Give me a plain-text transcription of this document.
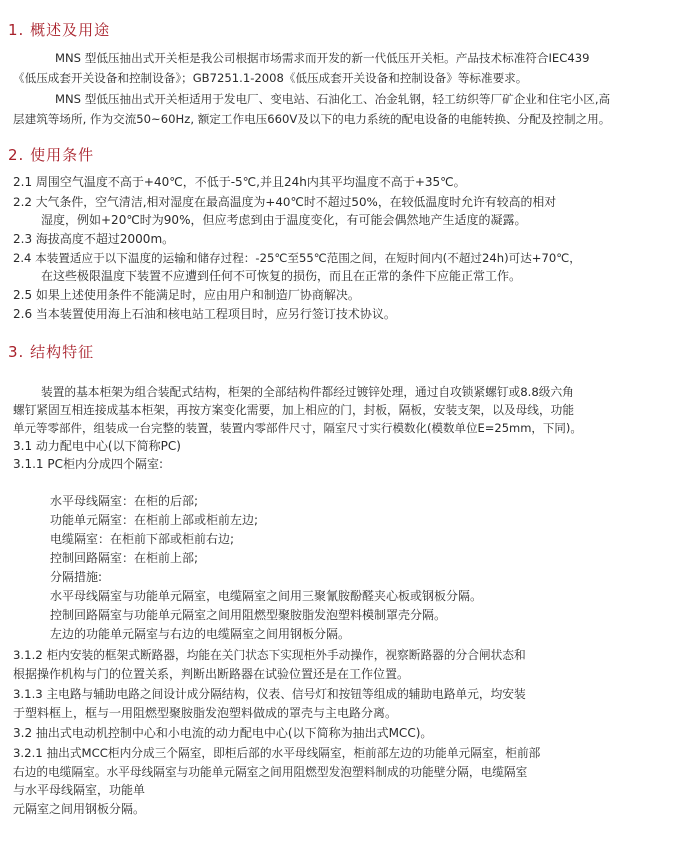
1. 概述及用途
MNS 型低压抽出式开关柜是我公司根据市场需求而开发的新一代低压开关柜。产品技术标准符合IEC439
《低压成套开关设备和控制设备》；GB7251.1-2008《低压成套开关设备和控制设备》等标准要求。
MNS 型低压抽出式开关柜适用于发电厂、变电站、石油化工、冶金轧钢，轻工纺织等厂矿企业和住宅小区,高
层建筑等场所, 作为交流50~60Hz, 额定工作电压660V及以下的电力系统的配电设备的电能转换、分配及控制之用。
2. 使用条件
2.1 周围空气温度不高于+40℃，不低于-5℃,并且24h内其平均温度不高于+35℃。
2.2 大气条件，空气清洁,相对湿度在最高温度为+40℃时不超过50%，在较低温度时允许有较高的相对
湿度，例如+20℃时为90%，但应考虑到由于温度变化，有可能会偶然地产生适度的凝露。
2.3 海拔高度不超过2000m。
2.4 本装置适应于以下温度的运输和储存过程：-25℃至55℃范围之间，在短时间内(不超过24h)可达+70℃，
在这些极限温度下装置不应遭到任何不可恢复的损伤，而且在正常的条件下应能正常工作。
2.5 如果上述使用条件不能满足时，应由用户和制造厂协商解决。
2.6 当本装置使用海上石油和核电站工程项目时，应另行签订技术协议。
3. 结构特征
装置的基本柜架为组合装配式结构，柜架的全部结构件都经过镀锌处理，通过自攻锁紧螺钉或8.8级六角
螺钉紧固互相连接成基本柜架，再按方案变化需要，加上相应的门，封板，隔板，安装支架，以及母线，功能
单元等零部件，组装成一台完整的装置，装置内零部件尺寸，隔室尺寸实行模数化(模数单位E=25mm，下同)。
3.1 动力配电中心(以下简称PC)
3.1.1 PC柜内分成四个隔室:
水平母线隔室：在柜的后部;
功能单元隔室：在柜前上部或柜前左边;
电缆隔室：在柜前下部或柜前右边;
控制回路隔室：在柜前上部;
分隔措施:
水平母线隔室与功能单元隔室，电缆隔室之间用三聚氰胺酚醛夹心板或钢板分隔。
控制回路隔室与功能单元隔室之间用阻燃型聚胺脂发泡塑料模制罩壳分隔。
左边的功能单元隔室与右边的电缆隔室之间用钢板分隔。
3.1.2 柜内安装的框架式断路器，均能在关门状态下实现柜外手动操作，视察断路器的分合闸状态和
根据操作机构与门的位置关系，判断出断路器在试验位置还是在工作位置。
3.1.3 主电路与辅助电路之间设计成分隔结构，仪表、信号灯和按钮等组成的辅助电路单元，均安装
于塑料框上，框与一用阻燃型聚胺脂发泡塑料做成的罩壳与主电路分离。
3.2 抽出式电动机控制中心和小电流的动力配电中心(以下简称为抽出式MCC)。
3.2.1 抽出式MCC柜内分成三个隔室，即柜后部的水平母线隔室，柜前部左边的功能单元隔室，柜前部
右边的电缆隔室。水平母线隔室与功能单元隔室之间用阻燃型发泡塑料制成的功能壁分隔，电缆隔室
与水平母线隔室，功能单
元隔室之间用钢板分隔。
